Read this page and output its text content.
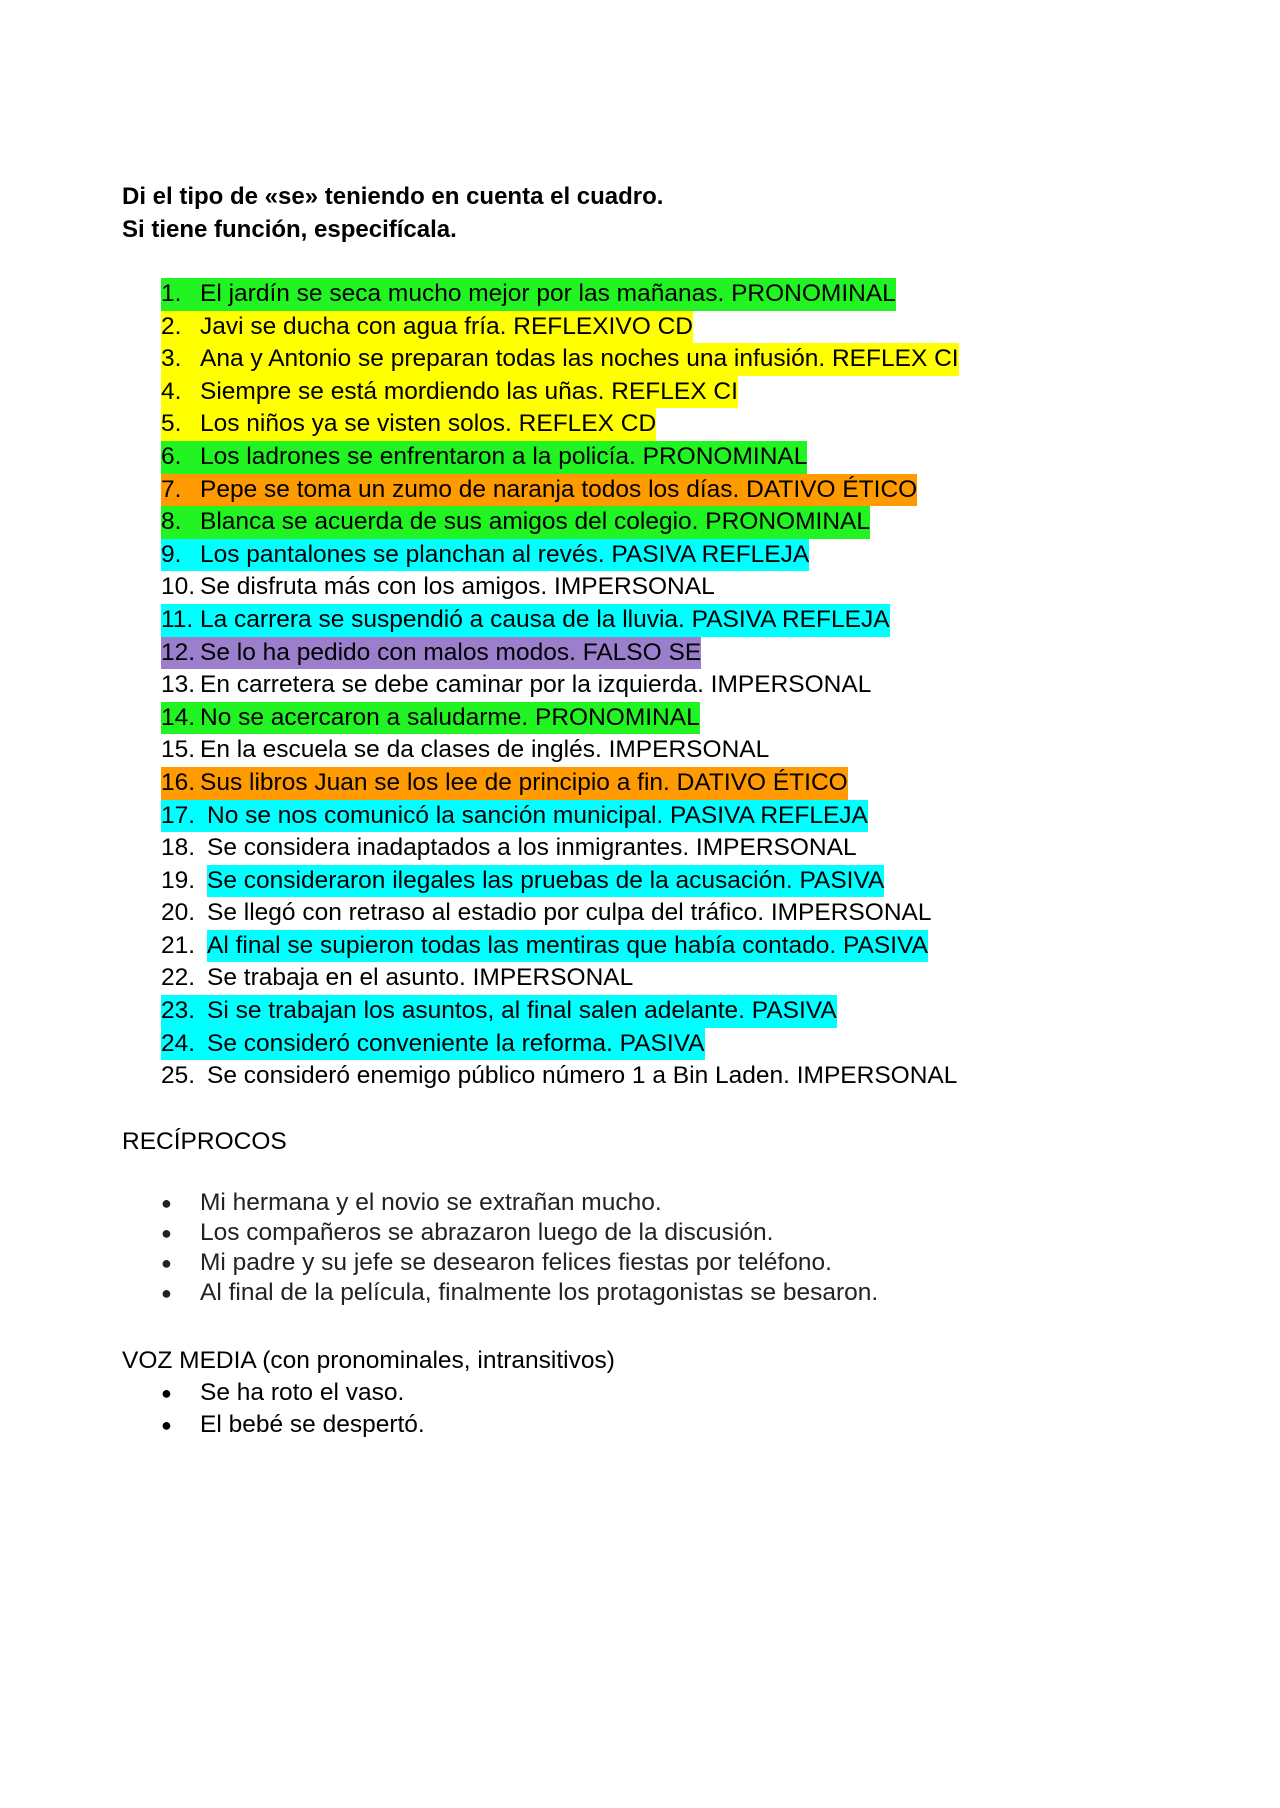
Di el tipo de «se» teniendo en cuenta el cuadro.
Si tiene función, especifícala.

1. El jardín se seca mucho mejor por las mañanas. PRONOMINAL
2. Javi se ducha con agua fría. REFLEXIVO CD
3. Ana y Antonio se preparan todas las noches una infusión. REFLEX CI
4. Siempre se está mordiendo las uñas. REFLEX CI
5. Los niños ya se visten solos. REFLEX CD
6. Los ladrones se enfrentaron a la policía. PRONOMINAL
7. Pepe se toma un zumo de naranja todos los días. DATIVO ÉTICO
8. Blanca se acuerda de sus amigos del colegio. PRONOMINAL
9. Los pantalones se planchan al revés. PASIVA REFLEJA
10. Se disfruta más con los amigos. IMPERSONAL
11. La carrera se suspendió a causa de la lluvia. PASIVA REFLEJA
12. Se lo ha pedido con malos modos. FALSO SE
13. En carretera se debe caminar por la izquierda. IMPERSONAL
14. No se acercaron a saludarme. PRONOMINAL
15. En la escuela se da clases de inglés. IMPERSONAL
16. Sus libros Juan se los lee de principio a fin. DATIVO ÉTICO
17. No se nos comunicó la sanción municipal. PASIVA REFLEJA
18. Se considera inadaptados a los inmigrantes. IMPERSONAL
19. Se consideraron ilegales las pruebas de la acusación. PASIVA
20. Se llegó con retraso al estadio por culpa del tráfico. IMPERSONAL
21. Al final se supieron todas las mentiras que había contado. PASIVA
22. Se trabaja en el asunto. IMPERSONAL
23. Si se trabajan los asuntos, al final salen adelante. PASIVA
24. Se consideró conveniente la reforma. PASIVA
25. Se consideró enemigo público número 1 a Bin Laden. IMPERSONAL

RECÍPROCOS

●	Mi hermana y el novio se extrañan mucho.
●	Los compañeros se abrazaron luego de la discusión.
●	Mi padre y su jefe se desearon felices fiestas por teléfono.
●	Al final de la película, finalmente los protagonistas se besaron.

VOZ MEDIA (con pronominales, intransitivos)

●	Se ha roto el vaso.
●	El bebé se despertó.
